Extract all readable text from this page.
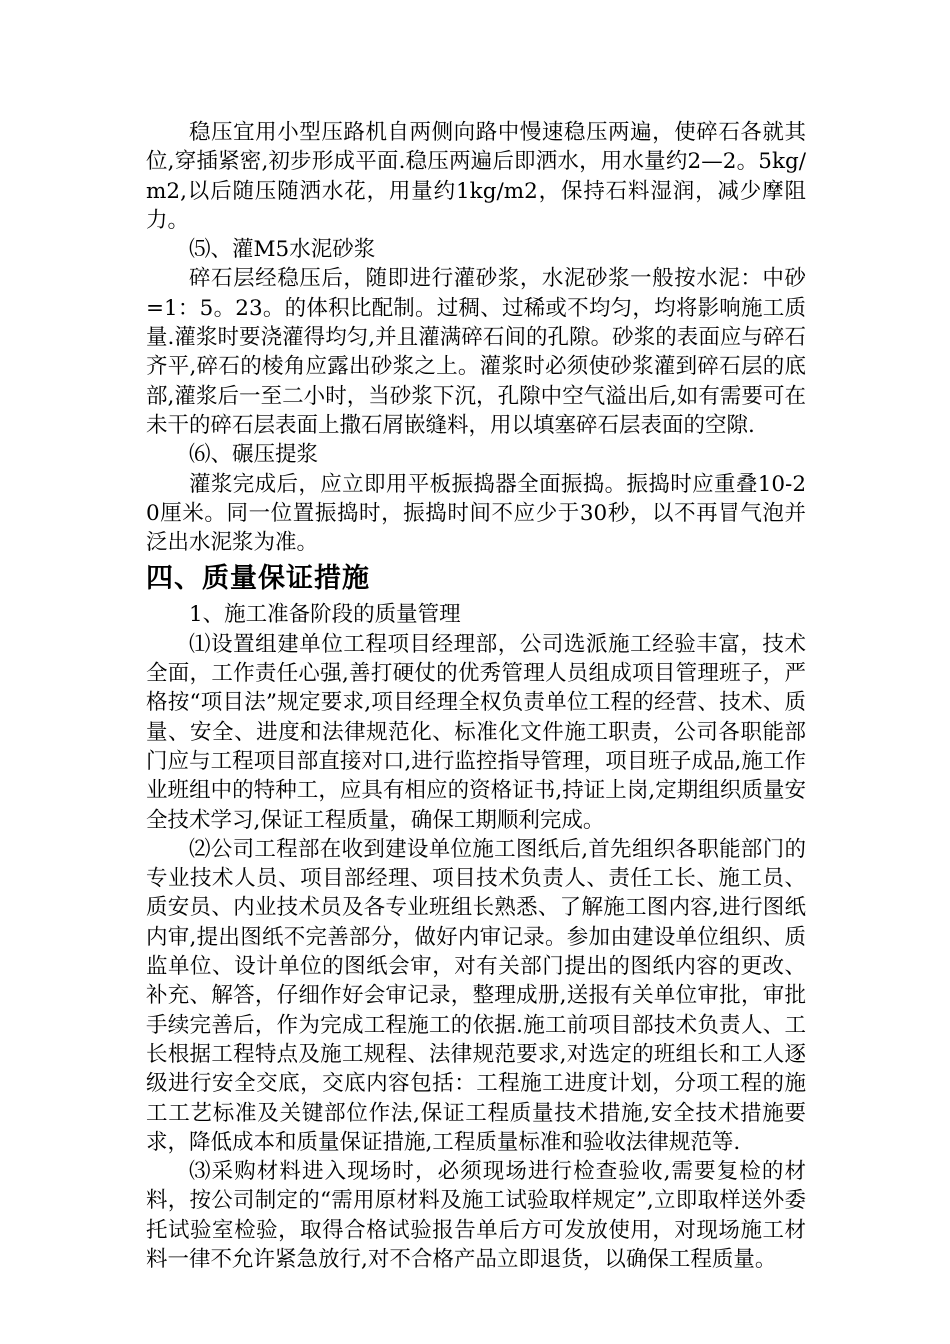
稳压宜用小型压路机自两侧向路中慢速稳压两遍，使碎石各就其位,穿插紧密,初步形成平面.稳压两遍后即洒水，用水量约2—2。5kg/m2,以后随压随洒水花，用量约1kg/m2，保持石料湿润，减少摩阻力。

⑸、灌M5水泥砂浆

碎石层经稳压后，随即进行灌砂浆，水泥砂浆一般按水泥：中砂=1：5。23。的体积比配制。过稠、过稀或不均匀，均将影响施工质量.灌浆时要浇灌得均匀,并且灌满碎石间的孔隙。砂浆的表面应与碎石齐平,碎石的棱角应露出砂浆之上。灌浆时必须使砂浆灌到碎石层的底部,灌浆后一至二小时，当砂浆下沉，孔隙中空气溢出后,如有需要可在未干的碎石层表面上撒石屑嵌缝料，用以填塞碎石层表面的空隙.

⑹、碾压提浆

灌浆完成后，应立即用平板振捣器全面振捣。振捣时应重叠10-20厘米。同一位置振捣时，振捣时间不应少于30秒，以不再冒气泡并泛出水泥浆为准。

四、质量保证措施

1、施工准备阶段的质量管理

⑴设置组建单位工程项目经理部，公司选派施工经验丰富，技术全面，工作责任心强,善打硬仗的优秀管理人员组成项目管理班子，严格按“项目法”规定要求,项目经理全权负责单位工程的经营、技术、质量、安全、进度和法律规范化、标准化文件施工职责，公司各职能部门应与工程项目部直接对口,进行监控指导管理，项目班子成品,施工作业班组中的特种工，应具有相应的资格证书,持证上岗,定期组织质量安全技术学习,保证工程质量，确保工期顺利完成。

⑵公司工程部在收到建设单位施工图纸后,首先组织各职能部门的专业技术人员、项目部经理、项目技术负责人、责任工长、施工员、质安员、内业技术员及各专业班组长熟悉、了解施工图内容,进行图纸内审,提出图纸不完善部分，做好内审记录。参加由建设单位组织、质监单位、设计单位的图纸会审，对有关部门提出的图纸内容的更改、补充、解答，仔细作好会审记录，整理成册,送报有关单位审批，审批手续完善后，作为完成工程施工的依据.施工前项目部技术负责人、工长根据工程特点及施工规程、法律规范要求,对选定的班组长和工人逐级进行安全交底，交底内容包括：工程施工进度计划，分项工程的施工工艺标准及关键部位作法,保证工程质量技术措施,安全技术措施要求，降低成本和质量保证措施,工程质量标准和验收法律规范等.

⑶采购材料进入现场时，必须现场进行检查验收,需要复检的材料，按公司制定的“需用原材料及施工试验取样规定”,立即取样送外委托试验室检验，取得合格试验报告单后方可发放使用，对现场施工材料一律不允许紧急放行,对不合格产品立即退货，以确保工程质量。
